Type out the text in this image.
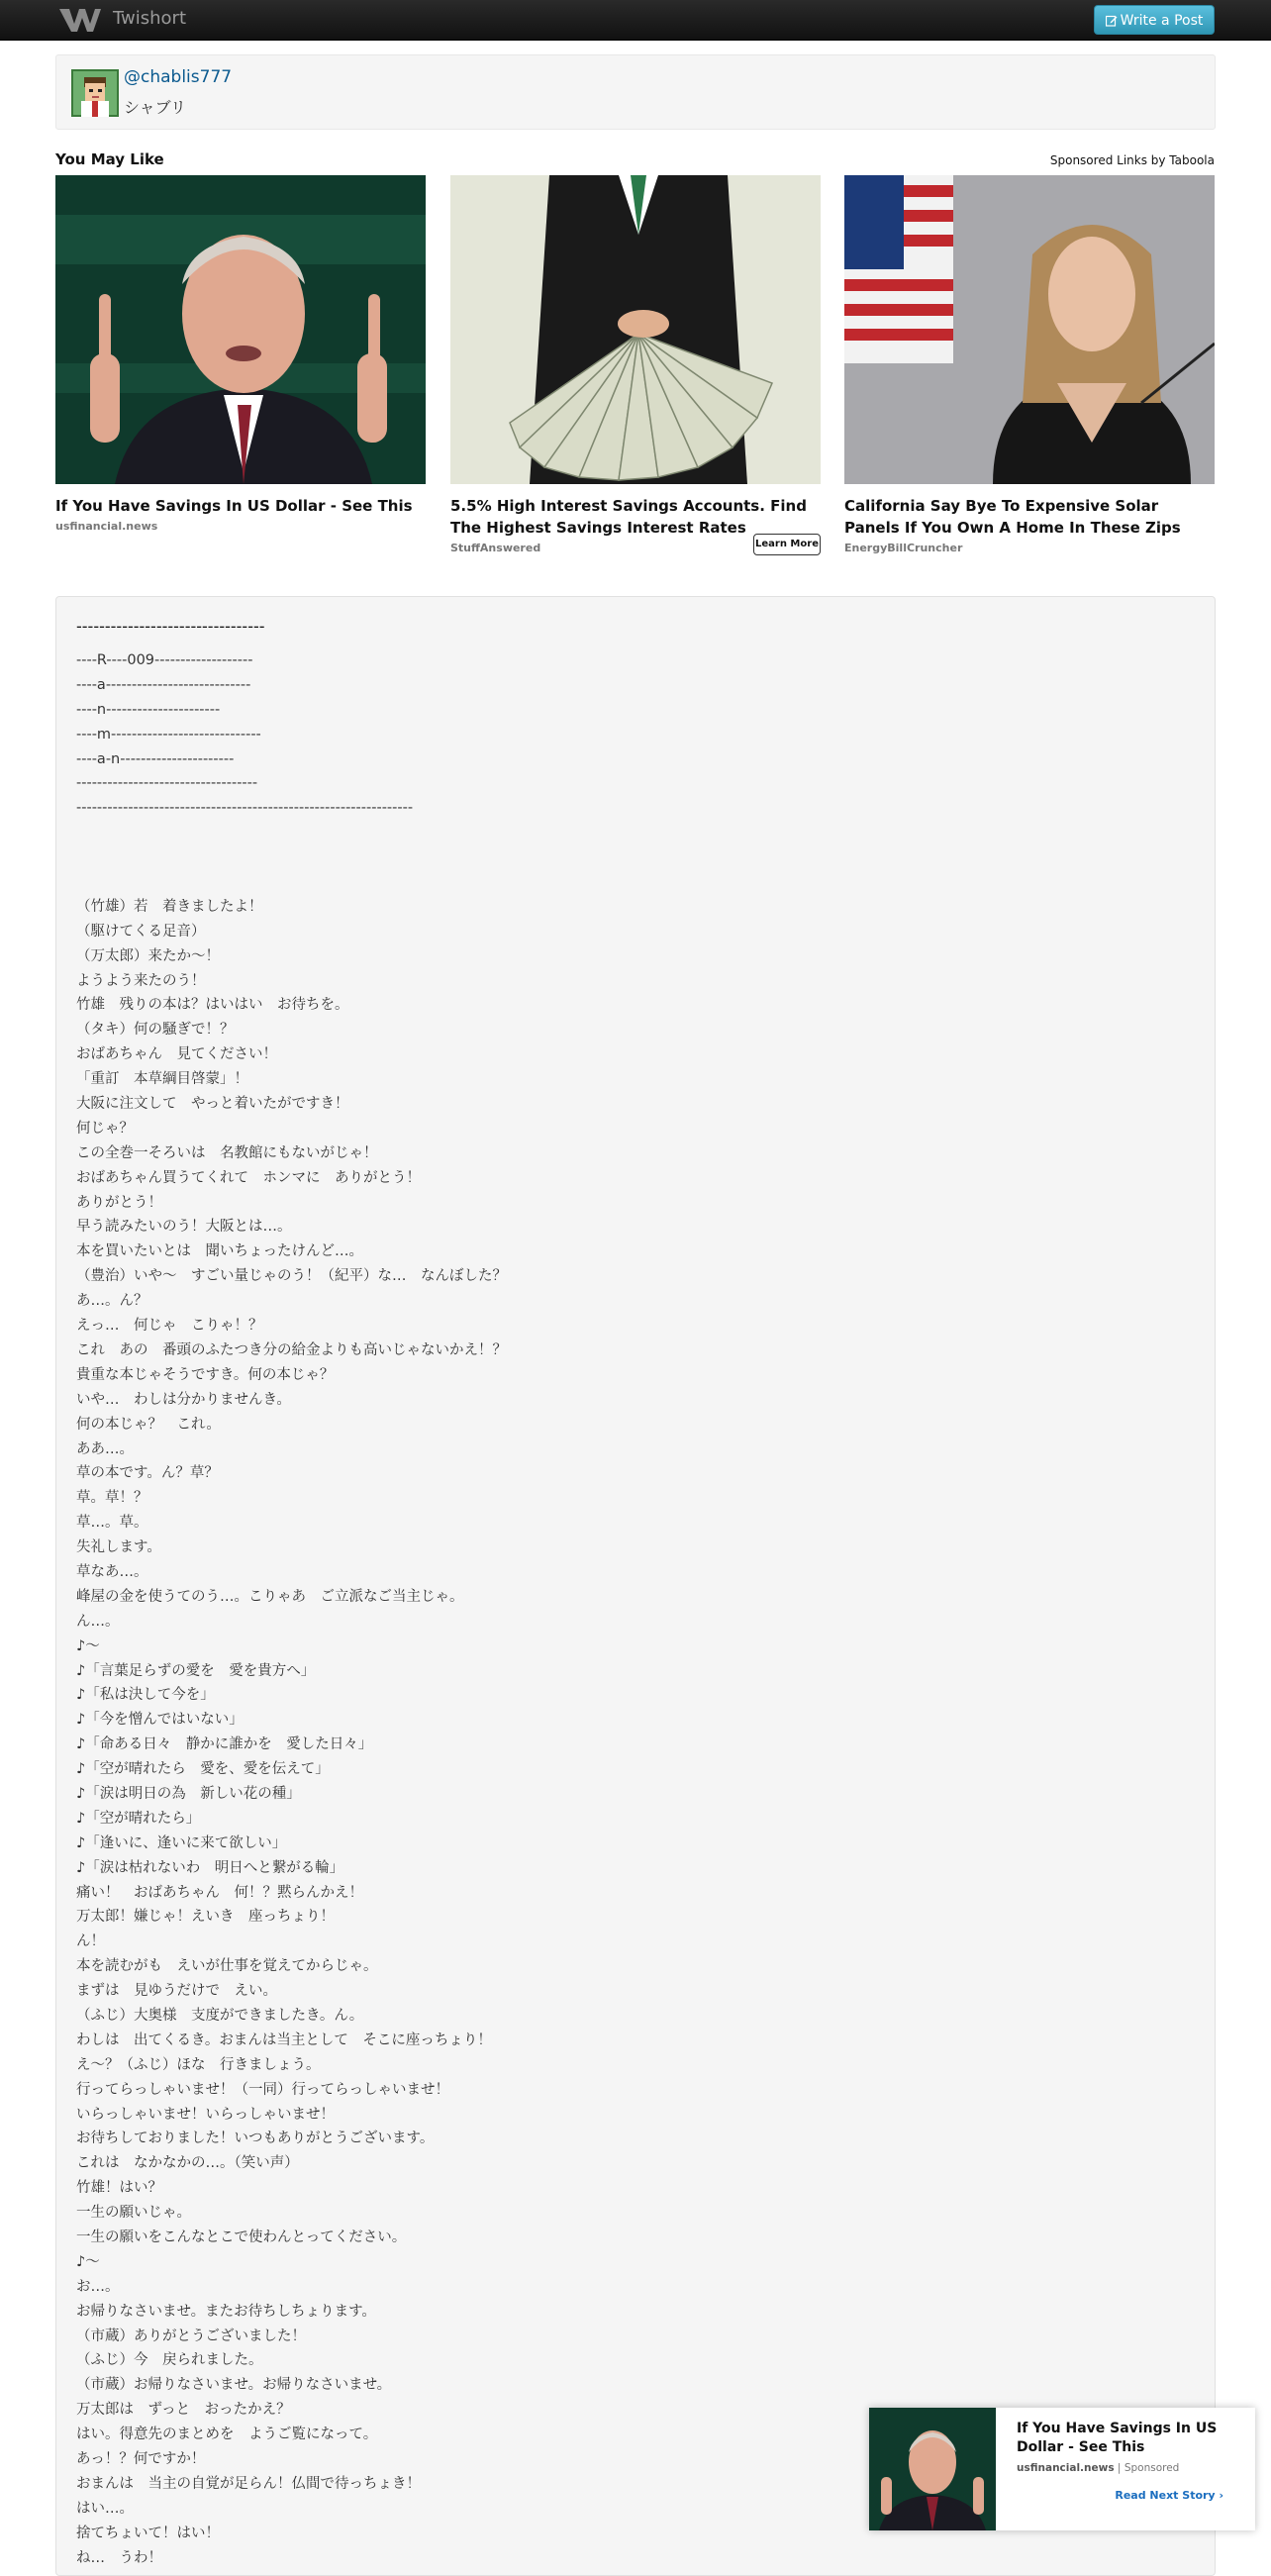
Twishort	Write a Post
@chablis777
シャブリ
You May Like	Sponsored Links by Taboola
If You Have Savings In US Dollar - See This
usfinancial.news
5.5% High Interest Savings Accounts. Find The Highest Savings Interest Rates
StuffAnswered	Learn More
California Say Bye To Expensive Solar Panels If You Own A Home In These Zips
EnergyBillCruncher
---------------------------------
----R----009-------------------
----a----------------------------
----n----------------------
----m-----------------------------
----a-n----------------------
-----------------------------------
-----------------------------------------------------------------
（竹雄）若　着きましたよ！
（駆けてくる足音）
（万太郎）来たか～！
ようよう来たのう！
竹雄　残りの本は？はいはい　お待ちを。
（タキ）何の騒ぎで！？
おばあちゃん　見てください！
「重訂　本草綱目啓蒙」！
大阪に注文して　やっと着いたがですき！
何じゃ？
この全巻一そろいは　名教館にもないがじゃ！
おばあちゃん買うてくれて　ホンマに　ありがとう！
ありがとう！
早う読みたいのう！大阪とは…。
本を買いたいとは　聞いちょったけんど…。
（豊治）いや～　すごい量じゃのう！（紀平）な…　なんぼした？
あ…。ん？
えっ…　何じゃ　こりゃ！？
これ　あの　番頭のふたつき分の給金よりも高いじゃないかえ！？
貴重な本じゃそうですき。何の本じゃ？
いや…　わしは分かりませんき。
何の本じゃ？　これ。
ああ…。
草の本です。ん？草？
草。草！？
草…。草。
失礼します。
草なあ…。
峰屋の金を使うてのう…。こりゃあ　ご立派なご当主じゃ。
ん…。
♪～
♪「言葉足らずの愛を　愛を貴方へ」
♪「私は決して今を」
♪「今を憎んではいない」
♪「命ある日々　静かに誰かを　愛した日々」
♪「空が晴れたら　愛を、愛を伝えて」
♪「涙は明日の為　新しい花の種」
♪「空が晴れたら」
♪「逢いに、逢いに来て欲しい」
♪「涙は枯れないわ　明日へと繋がる輪」
痛い！　おばあちゃん　何！？黙らんかえ！
万太郎！嫌じゃ！えいき　座っちょり！
ん！
本を読むがも　えいが仕事を覚えてからじゃ。
まずは　見ゆうだけで　えい。
（ふじ）大奥様　支度ができましたき。ん。
わしは　出てくるき。おまんは当主として　そこに座っちょり！
え～？（ふじ）ほな　行きましょう。
行ってらっしゃいませ！（一同）行ってらっしゃいませ！
いらっしゃいませ！いらっしゃいませ！
お待ちしておりました！いつもありがとうございます。
これは　なかなかの…。（笑い声）
竹雄！はい？
一生の願いじゃ。
一生の願いをこんなとこで使わんとってください。
♪～
お…。
お帰りなさいませ。またお待ちしちょります。
（市蔵）ありがとうございました！
（ふじ）今　戻られました。
（市蔵）お帰りなさいませ。お帰りなさいませ。
万太郎は　ずっと　おったかえ？
はい。得意先のまとめを　ようご覧になって。
あっ！？何ですか！
おまんは　当主の自覚が足らん！仏間で待っちょき！
はい…。
捨てちょいて！はい！
ね…　うわ！
If You Have Savings In US Dollar - See This
usfinancial.news | Sponsored
Read Next Story ›
